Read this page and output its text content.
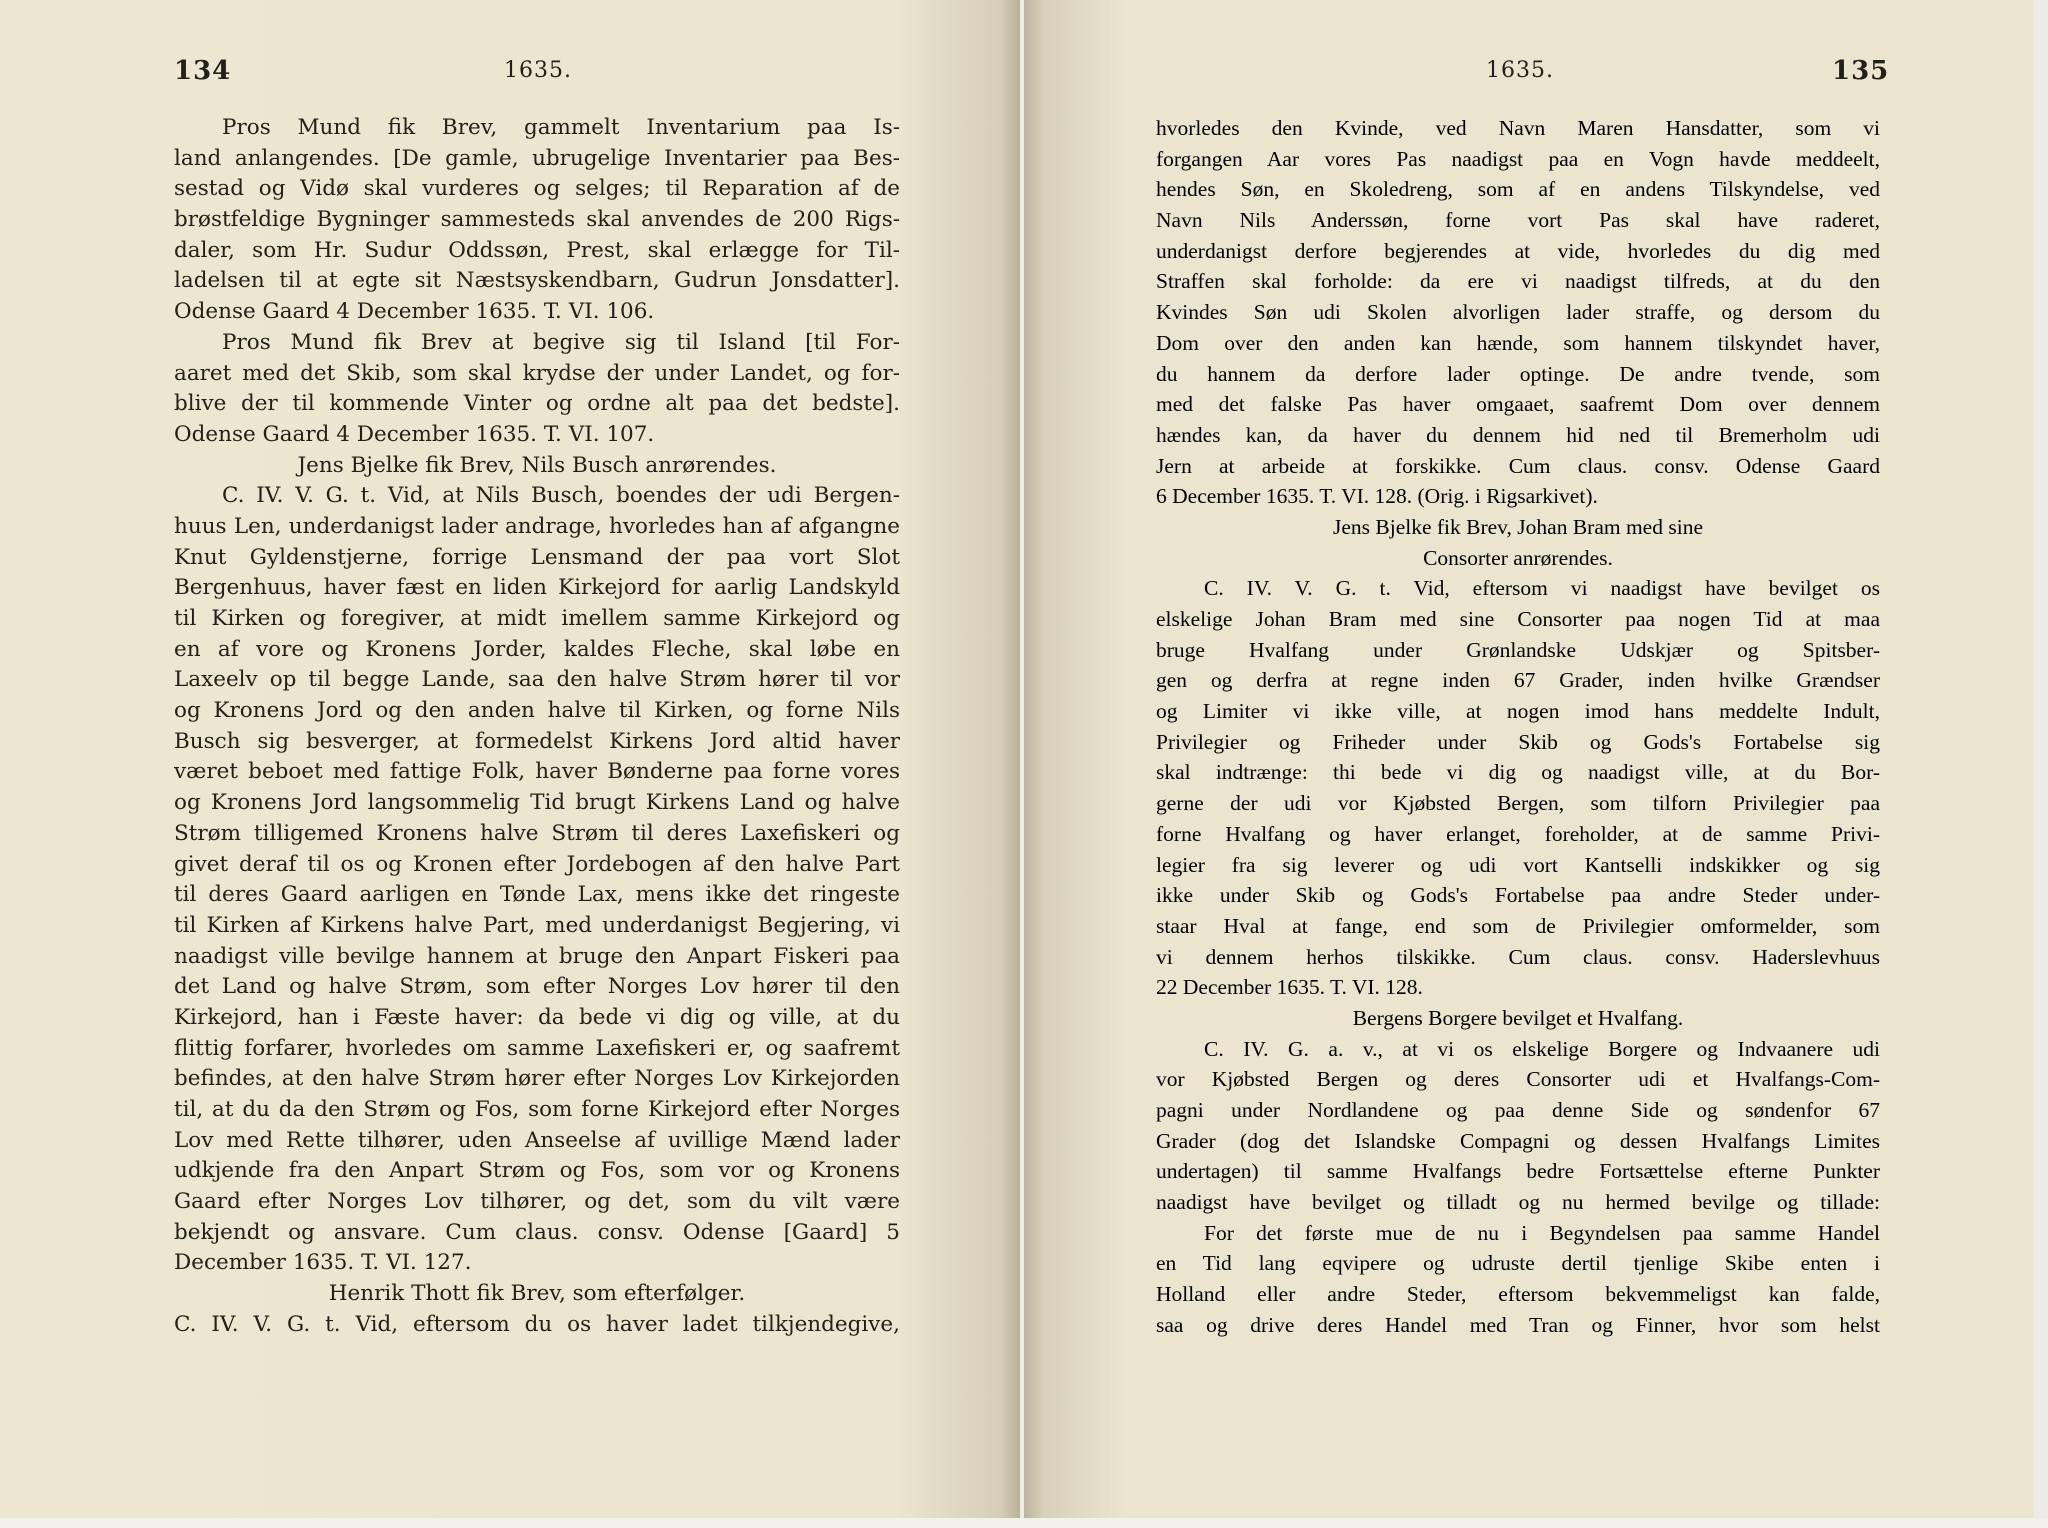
134	1635.
Pros Mund fik Brev, gammelt Inventarium paa Is-
land anlangendes. [De gamle, ubrugelige Inventarier paa Bes-
sestad og Vidø skal vurderes og selges; til Reparation af de
brøstfeldige Bygninger sammesteds skal anvendes de 200 Rigs-
daler, som Hr. Sudur Oddssøn, Prest, skal erlægge for Til-
ladelsen til at egte sit Næstsyskendbarn, Gudrun Jonsdatter].
Odense Gaard 4 December 1635. T. VI. 106.
Pros Mund fik Brev at begive sig til Island [til For-
aaret med det Skib, som skal krydse der under Landet, og for-
blive der til kommende Vinter og ordne alt paa det bedste].
Odense Gaard 4 December 1635. T. VI. 107.
Jens Bjelke fik Brev, Nils Busch anrørendes.
C. IV. V. G. t. Vid, at Nils Busch, boendes der udi Bergen-
huus Len, underdanigst lader andrage, hvorledes han af afgangne
Knut Gyldenstjerne, forrige Lensmand der paa vort Slot
Bergenhuus, haver fæst en liden Kirkejord for aarlig Landskyld
til Kirken og foregiver, at midt imellem samme Kirkejord og
en af vore og Kronens Jorder, kaldes Fleche, skal løbe en
Laxeelv op til begge Lande, saa den halve Strøm hører til vor
og Kronens Jord og den anden halve til Kirken, og forne Nils
Busch sig besverger, at formedelst Kirkens Jord altid haver
været beboet med fattige Folk, haver Bønderne paa forne vores
og Kronens Jord langsommelig Tid brugt Kirkens Land og halve
Strøm tilligemed Kronens halve Strøm til deres Laxefiskeri og
givet deraf til os og Kronen efter Jordebogen af den halve Part
til deres Gaard aarligen en Tønde Lax, mens ikke det ringeste
til Kirken af Kirkens halve Part, med underdanigst Begjering, vi
naadigst ville bevilge hannem at bruge den Anpart Fiskeri paa
det Land og halve Strøm, som efter Norges Lov hører til den
Kirkejord, han i Fæste haver: da bede vi dig og ville, at du
flittig forfarer, hvorledes om samme Laxefiskeri er, og saafremt
befindes, at den halve Strøm hører efter Norges Lov Kirkejorden
til, at du da den Strøm og Fos, som forne Kirkejord efter Norges
Lov med Rette tilhører, uden Anseelse af uvillige Mænd lader
udkjende fra den Anpart Strøm og Fos, som vor og Kronens
Gaard efter Norges Lov tilhører, og det, som du vilt være
bekjendt og ansvare. Cum claus. consv. Odense [Gaard] 5
December 1635. T. VI. 127.
Henrik Thott fik Brev, som efterfølger.
C. IV. V. G. t. Vid, eftersom du os haver ladet tilkjendegive,
1635.	135
hvorledes den Kvinde, ved Navn Maren Hansdatter, som vi
forgangen Aar vores Pas naadigst paa en Vogn havde meddeelt,
hendes Søn, en Skoledreng, som af en andens Tilskyndelse, ved
Navn Nils Anderssøn, forne vort Pas skal have raderet,
underdanigst derfore begjerendes at vide, hvorledes du dig med
Straffen skal forholde: da ere vi naadigst tilfreds, at du den
Kvindes Søn udi Skolen alvorligen lader straffe, og dersom du
Dom over den anden kan hænde, som hannem tilskyndet haver,
du hannem da derfore lader optinge. De andre tvende, som
med det falske Pas haver omgaaet, saafremt Dom over dennem
hændes kan, da haver du dennem hid ned til Bremerholm udi
Jern at arbeide at forskikke. Cum claus. consv. Odense Gaard
6 December 1635. T. VI. 128. (Orig. i Rigsarkivet).
Jens Bjelke fik Brev, Johan Bram med sine
Consorter anrørendes.
C. IV. V. G. t. Vid, eftersom vi naadigst have bevilget os
elskelige Johan Bram med sine Consorter paa nogen Tid at maa
bruge Hvalfang under Grønlandske Udskjær og Spitsber-
gen og derfra at regne inden 67 Grader, inden hvilke Grændser
og Limiter vi ikke ville, at nogen imod hans meddelte Indult,
Privilegier og Friheder under Skib og Gods's Fortabelse sig
skal indtrænge: thi bede vi dig og naadigst ville, at du Bor-
gerne der udi vor Kjøbsted Bergen, som tilforn Privilegier paa
forne Hvalfang og haver erlanget, foreholder, at de samme Privi-
legier fra sig leverer og udi vort Kantselli indskikker og sig
ikke under Skib og Gods's Fortabelse paa andre Steder under-
staar Hval at fange, end som de Privilegier omformelder, som
vi dennem herhos tilskikke. Cum claus. consv. Haderslevhuus
22 December 1635. T. VI. 128.
Bergens Borgere bevilget et Hvalfang.
C. IV. G. a. v., at vi os elskelige Borgere og Indvaanere udi
vor Kjøbsted Bergen og deres Consorter udi et Hvalfangs-Com-
pagni under Nordlandene og paa denne Side og søndenfor 67
Grader (dog det Islandske Compagni og dessen Hvalfangs Limites
undertagen) til samme Hvalfangs bedre Fortsættelse efterne Punkter
naadigst have bevilget og tilladt og nu hermed bevilge og tillade:
For det første mue de nu i Begyndelsen paa samme Handel
en Tid lang eqvipere og udruste dertil tjenlige Skibe enten i
Holland eller andre Steder, eftersom bekvemmeligst kan falde,
saa og drive deres Handel med Tran og Finner, hvor som helst
